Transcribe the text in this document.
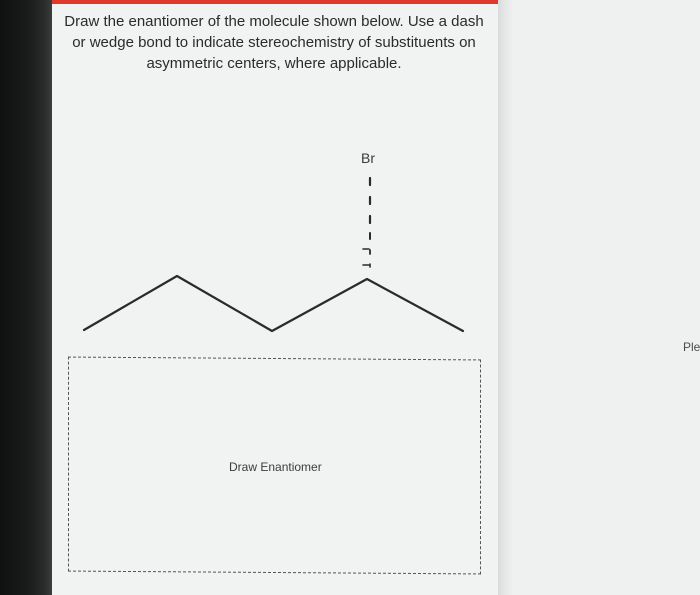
Draw the enantiomer of the molecule shown below. Use a dash
or wedge bond to indicate stereochemistry of substituents on
asymmetric centers, where applicable.
Br
Draw Enantiomer
Ple
